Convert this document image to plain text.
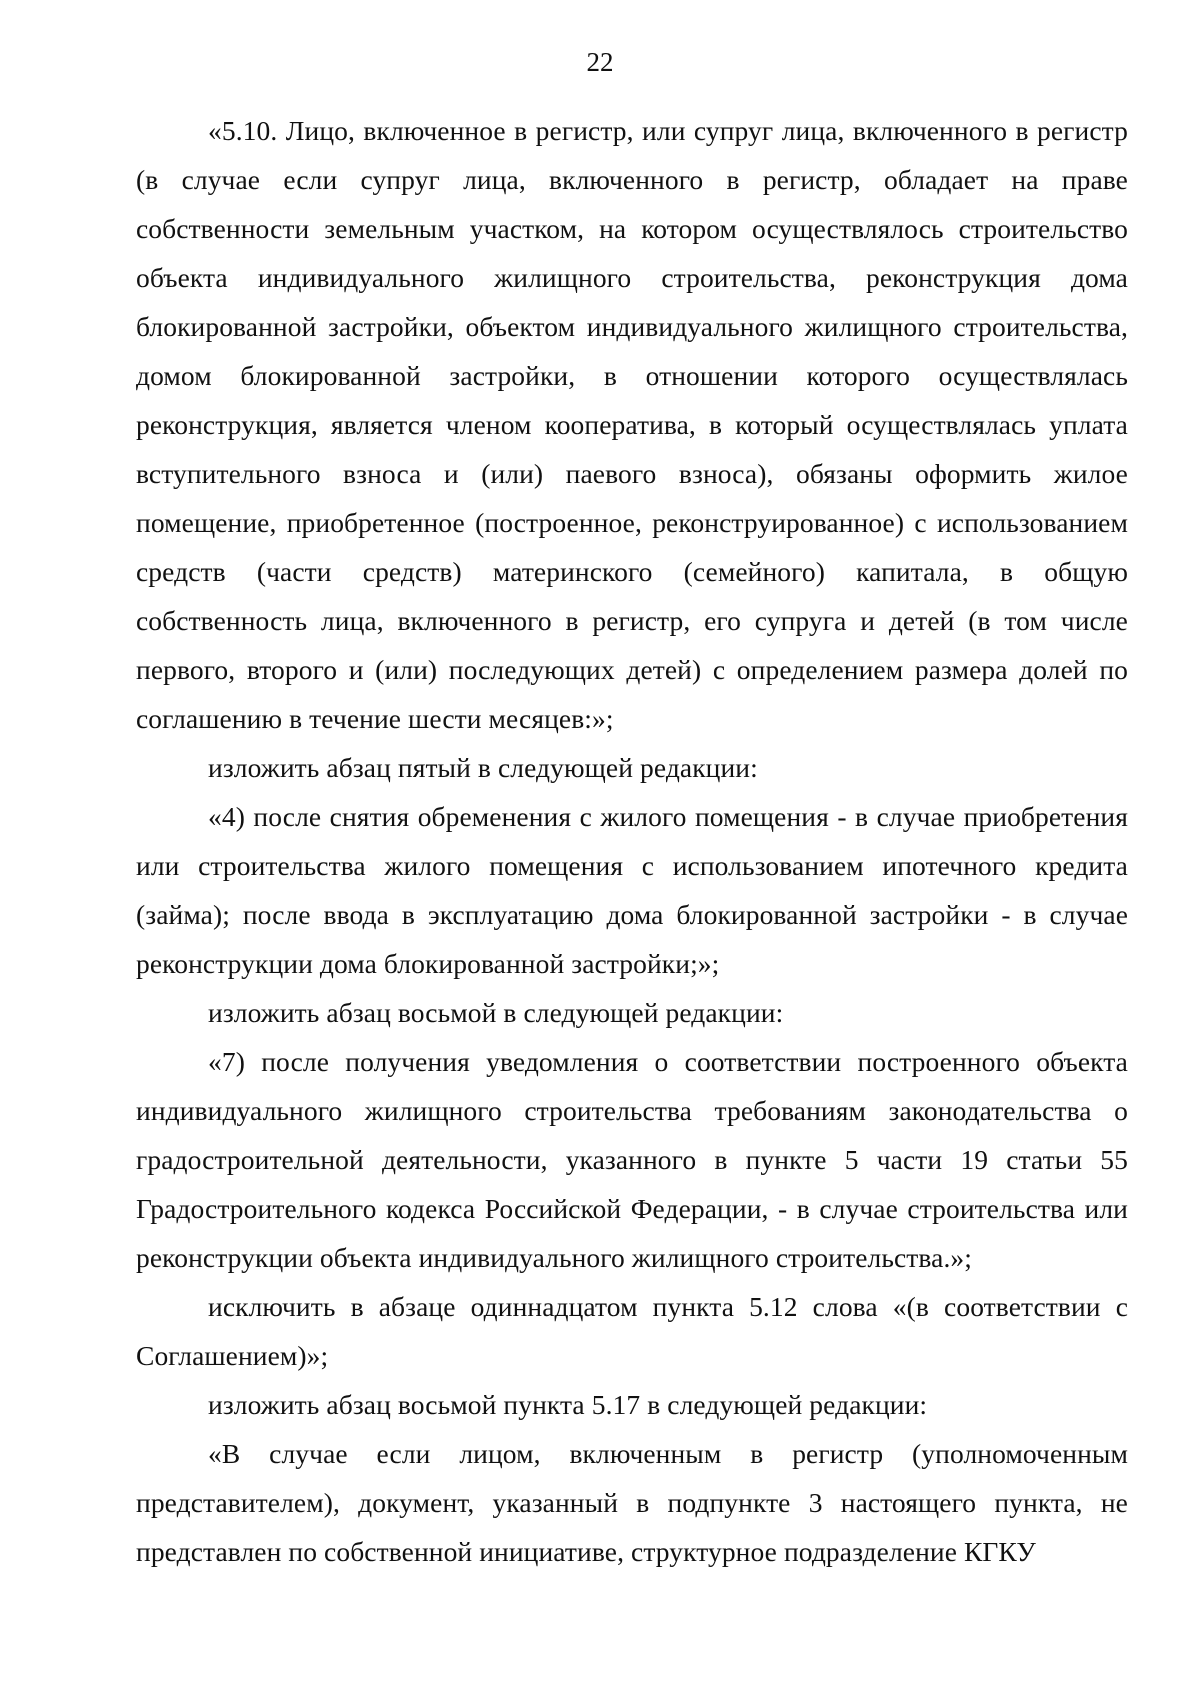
22

«5.10. Лицо, включенное в регистр, или супруг лица, включенного в регистр (в случае если супруг лица, включенного в регистр, обладает на праве собственности земельным участком, на котором осуществлялось строительство объекта индивидуального жилищного строительства, реконструкция дома блокированной застройки, объектом индивидуального жилищного строительства, домом блокированной застройки, в отношении которого осуществлялась реконструкция, является членом кооператива, в который осуществлялась уплата вступительного взноса и (или) паевого взноса), обязаны оформить жилое помещение, приобретенное (построенное, реконструированное) с использованием средств (части средств) материнского (семейного) капитала, в общую собственность лица, включенного в регистр, его супруга и детей (в том числе первого, второго и (или) последующих детей) с определением размера долей по соглашению в течение шести месяцев:»;

изложить абзац пятый в следующей редакции:

«4) после снятия обременения с жилого помещения - в случае приобретения или строительства жилого помещения с использованием ипотечного кредита (займа); после ввода в эксплуатацию дома блокированной застройки - в случае реконструкции дома блокированной застройки;»;

изложить абзац восьмой в следующей редакции:

«7) после получения уведомления о соответствии построенного объекта индивидуального жилищного строительства требованиям законодательства о градостроительной деятельности, указанного в пункте 5 части 19 статьи 55 Градостроительного кодекса Российской Федерации, - в случае строительства или реконструкции объекта индивидуального жилищного строительства.»;

исключить в абзаце одиннадцатом пункта 5.12 слова «(в соответствии с Соглашением)»;

изложить абзац восьмой пункта 5.17 в следующей редакции:

«В случае если лицом, включенным в регистр (уполномоченным представителем), документ, указанный в подпункте 3 настоящего пункта, не представлен по собственной инициативе, структурное подразделение КГКУ
